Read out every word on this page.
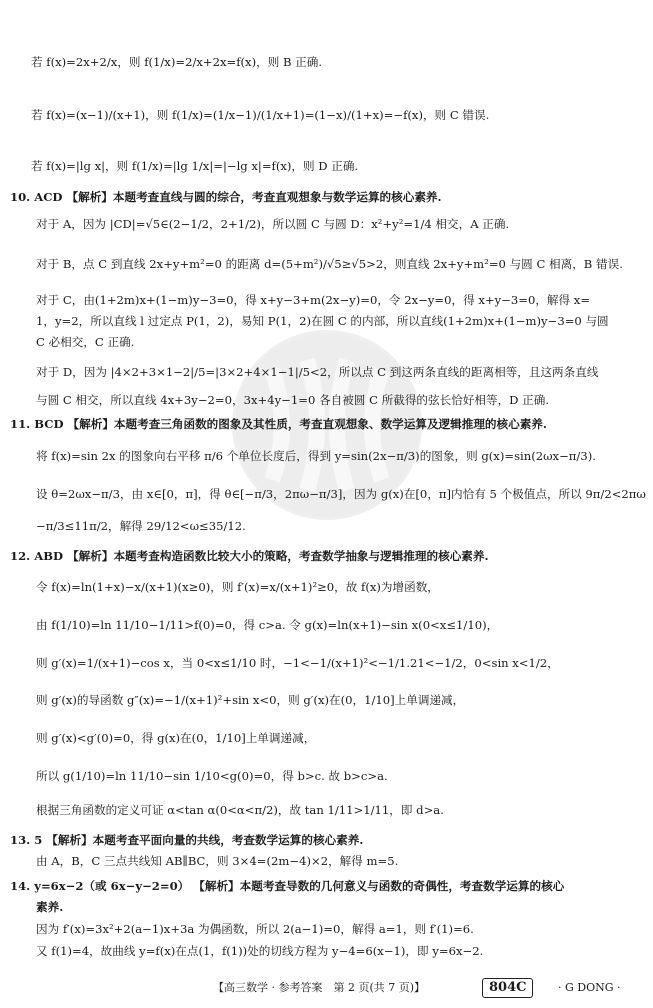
若 f(x)=2x+2/x，则 f(1/x)=2/x+2x=f(x)，则 B 正确.
若 f(x)=(x−1)/(x+1)，则 f(1/x)=(1/x−1)/(1/x+1)=(1−x)/(1+x)=−f(x)，则 C 错误.
若 f(x)=|lg x|，则 f(1/x)=|lg 1/x|=|−lg x|=f(x)，则 D 正确.
10. ACD 【解析】本题考查直线与圆的综合，考查直观想象与数学运算的核心素养.
对于 A，因为 |CD|=√5∈(2−1/2，2+1/2)，所以圆 C 与圆 D：x²+y²=1/4 相交，A 正确.
对于 B，点 C 到直线 2x+y+m²=0 的距离 d=(5+m²)/√5≥√5>2，则直线 2x+y+m²=0 与圆 C 相离，B 错误.
对于 C，由(1+2m)x+(1−m)y−3=0，得 x+y−3+m(2x−y)=0，令 2x−y=0，得 x+y−3=0，解得 x=
1，y=2，所以直线 l 过定点 P(1，2)，易知 P(1，2)在圆 C 的内部，所以直线(1+2m)x+(1−m)y−3=0 与圆
C 必相交，C 正确.
对于 D，因为 |4×2+3×1−2|/5=|3×2+4×1−1|/5<2，所以点 C 到这两条直线的距离相等，且这两条直线
与圆 C 相交，所以直线 4x+3y−2=0，3x+4y−1=0 各自被圆 C 所截得的弦长恰好相等，D 正确.
11. BCD 【解析】本题考查三角函数的图象及其性质，考查直观想象、数学运算及逻辑推理的核心素养.
将 f(x)=sin 2x 的图象向右平移 π/6 个单位长度后，得到 y=sin(2x−π/3)的图象，则 g(x)=sin(2ωx−π/3).
设 θ=2ωx−π/3，由 x∈[0，π]，得 θ∈[−π/3，2πω−π/3]，因为 g(x)在[0，π]内恰有 5 个极值点，所以 9π/2<2πω
−π/3≤11π/2，解得 29/12<ω≤35/12.
12. ABD 【解析】本题考查构造函数比较大小的策略，考查数学抽象与逻辑推理的核心素养.
令 f(x)=ln(1+x)−x/(x+1)(x≥0)，则 f′(x)=x/(x+1)²≥0，故 f(x)为增函数，
由 f(1/10)=ln 11/10−1/11>f(0)=0，得 c>a. 令 g(x)=ln(x+1)−sin x(0<x≤1/10)，
则 g′(x)=1/(x+1)−cos x，当 0<x≤1/10 时，−1<−1/(x+1)²<−1/1.21<−1/2，0<sin x<1/2，
则 g′(x)的导函数 g″(x)=−1/(x+1)²+sin x<0，则 g′(x)在(0，1/10]上单调递减，
则 g′(x)<g′(0)=0，得 g(x)在(0，1/10]上单调递减，
所以 g(1/10)=ln 11/10−sin 1/10<g(0)=0，得 b>c. 故 b>c>a.
根据三角函数的定义可证 α<tan α(0<α<π/2)，故 tan 1/11>1/11，即 d>a.
13. 5 【解析】本题考查平面向量的共线，考查数学运算的核心素养.
由 A，B，C 三点共线知 AB∥BC，则 3×4=(2m−4)×2，解得 m=5.
14. y=6x−2（或 6x−y−2=0） 【解析】本题考查导数的几何意义与函数的奇偶性，考查数学运算的核心
素养.
因为 f′(x)=3x²+2(a−1)x+3a 为偶函数，所以 2(a−1)=0，解得 a=1，则 f′(1)=6.
又 f(1)=4，故曲线 y=f(x)在点(1，f(1))处的切线方程为 y−4=6(x−1)，即 y=6x−2.
【高三数学 · 参考答案　第 2 页(共 7 页)】	804C	· G DONG ·
